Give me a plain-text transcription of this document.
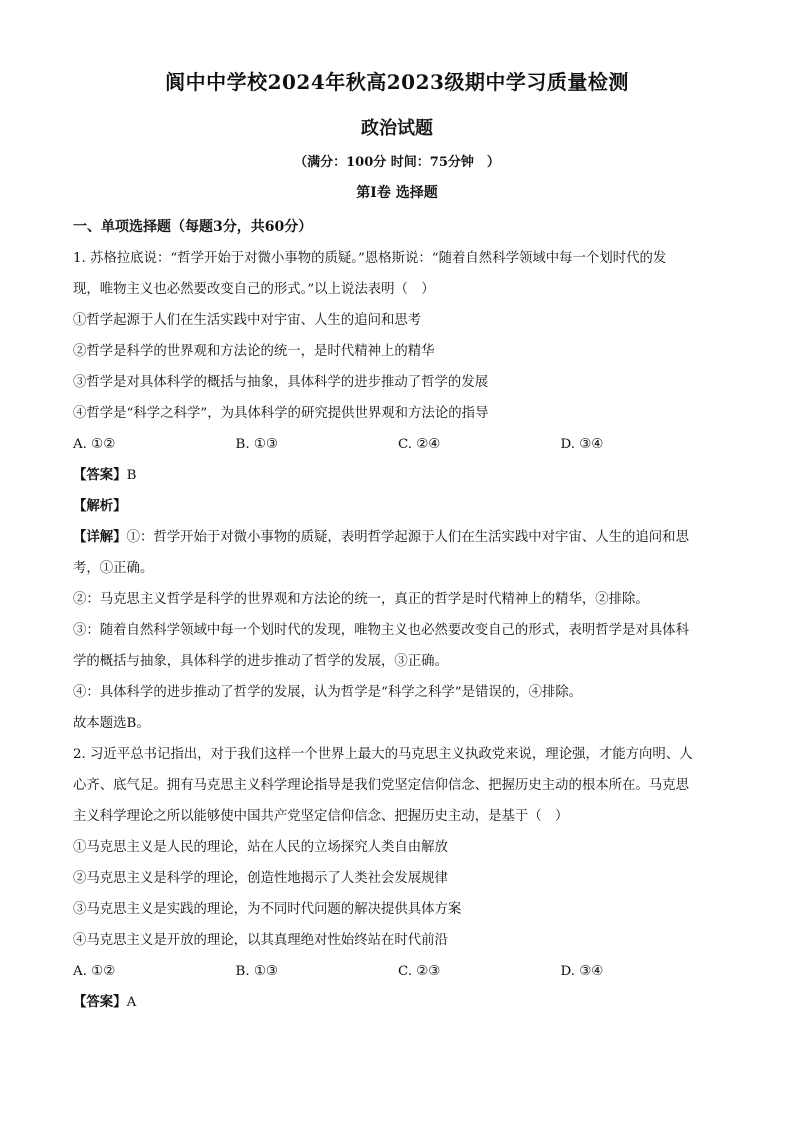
阆中中学校2024年秋高2023级期中学习质量检测
政治试题
（满分：100分 时间：75分钟　）
第Ⅰ卷 选择题

一、单项选择题（每题3分，共60分）

1. 苏格拉底说：“哲学开始于对微小事物的质疑。”恩格斯说：“随着自然科学领域中每一个划时代的发

现，唯物主义也必然要改变自己的形式。”以上说法表明（　）

①哲学起源于人们在生活实践中对宇宙、人生的追问和思考

②哲学是科学的世界观和方法论的统一，是时代精神上的精华

③哲学是对具体科学的概括与抽象，具体科学的进步推动了哲学的发展

④哲学是“科学之科学”，为具体科学的研究提供世界观和方法论的指导

A. ①②	B. ①③	C. ②④	D. ③④

【答案】B

【解析】

【详解】①：哲学开始于对微小事物的质疑，表明哲学起源于人们在生活实践中对宇宙、人生的追问和思

考，①正确。

②：马克思主义哲学是科学的世界观和方法论的统一，真正的哲学是时代精神上的精华，②排除。

③：随着自然科学领域中每一个划时代的发现，唯物主义也必然要改变自己的形式，表明哲学是对具体科

学的概括与抽象，具体科学的进步推动了哲学的发展，③正确。

④：具体科学的进步推动了哲学的发展，认为哲学是“科学之科学”是错误的，④排除。

故本题选B。

2. 习近平总书记指出，对于我们这样一个世界上最大的马克思主义执政党来说，理论强，才能方向明、人

心齐、底气足。拥有马克思主义科学理论指导是我们党坚定信仰信念、把握历史主动的根本所在。马克思

主义科学理论之所以能够使中国共产党坚定信仰信念、把握历史主动，是基于（　）

①马克思主义是人民的理论，站在人民的立场探究人类自由解放

②马克思主义是科学的理论，创造性地揭示了人类社会发展规律

③马克思主义是实践的理论，为不同时代问题的解决提供具体方案

④马克思主义是开放的理论，以其真理绝对性始终站在时代前沿

A. ①②	B. ①③	C. ②③	D. ③④

【答案】A
